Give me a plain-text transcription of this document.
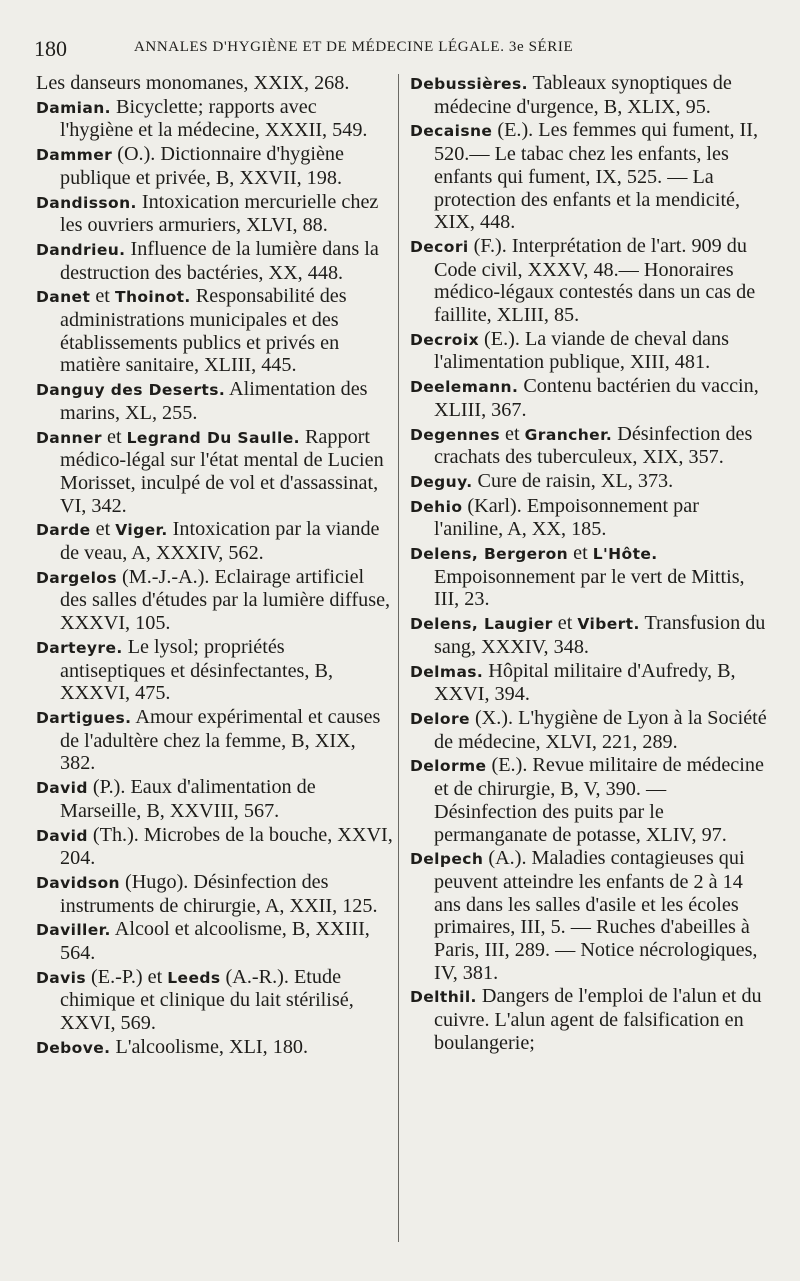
180	ANNALES D'HYGIÈNE ET DE MÉDECINE LÉGALE. 3e SÉRIE
Les danseurs monomanes, XXIX, 268.
Damian. Bicyclette; rapports avec l'hygiène et la médecine, XXXII, 549.
Dammer (O.). Dictionnaire d'hygiène publique et privée, B, XXVII, 198.
Dandisson. Intoxication mercurielle chez les ouvriers armuriers, XLVI, 88.
Dandrieu. Influence de la lumière dans la destruction des bactéries, XX, 448.
Danet et Thoinot. Responsabilité des administrations municipales et des établissements publics et privés en matière sanitaire, XLIII, 445.
Danguy des Deserts. Alimentation des marins, XL, 255.
Danner et Legrand Du Saulle. Rapport médico-légal sur l'état mental de Lucien Morisset, inculpé de vol et d'assassinat, VI, 342.
Darde et Viger. Intoxication par la viande de veau, A, XXXIV, 562.
Dargelos (M.-J.-A.). Eclairage artificiel des salles d'études par la lumière diffuse, XXXVI, 105.
Darteyre. Le lysol; propriétés antiseptiques et désinfectantes, B, XXXVI, 475.
Dartigues. Amour expérimental et causes de l'adultère chez la femme, B, XIX, 382.
David (P.). Eaux d'alimentation de Marseille, B, XXVIII, 567.
David (Th.). Microbes de la bouche, XXVI, 204.
Davidson (Hugo). Désinfection des instruments de chirurgie, A, XXII, 125.
Daviller. Alcool et alcoolisme, B, XXIII, 564.
Davis (E.-P.) et Leeds (A.-R.). Etude chimique et clinique du lait stérilisé, XXVI, 569.
Debove. L'alcoolisme, XLI, 180.
Debussières. Tableaux synoptiques de médecine d'urgence, B, XLIX, 95.
Decaisne (E.). Les femmes qui fument, II, 520.— Le tabac chez les enfants, les enfants qui fument, IX, 525. — La protection des enfants et la mendicité, XIX, 448.
Decori (F.). Interprétation de l'art. 909 du Code civil, XXXV, 48.— Honoraires médico-légaux contestés dans un cas de faillite, XLIII, 85.
Decroix (E.). La viande de cheval dans l'alimentation publique, XIII, 481.
Deelemann. Contenu bactérien du vaccin, XLIII, 367.
Degennes et Grancher. Désinfection des crachats des tuberculeux, XIX, 357.
Deguy. Cure de raisin, XL, 373.
Dehio (Karl). Empoisonnement par l'aniline, A, XX, 185.
Delens, Bergeron et L'Hôte. Empoisonnement par le vert de Mittis, III, 23.
Delens, Laugier et Vibert. Transfusion du sang, XXXIV, 348.
Delmas. Hôpital militaire d'Aufredy, B, XXVI, 394.
Delore (X.). L'hygiène de Lyon à la Société de médecine, XLVI, 221, 289.
Delorme (E.). Revue militaire de médecine et de chirurgie, B, V, 390. — Désinfection des puits par le permanganate de potasse, XLIV, 97.
Delpech (A.). Maladies contagieuses qui peuvent atteindre les enfants de 2 à 14 ans dans les salles d'asile et les écoles primaires, III, 5. — Ruches d'abeilles à Paris, III, 289. — Notice nécrologiques, IV, 381.
Delthil. Dangers de l'emploi de l'alun et du cuivre. L'alun agent de falsification en boulangerie;
